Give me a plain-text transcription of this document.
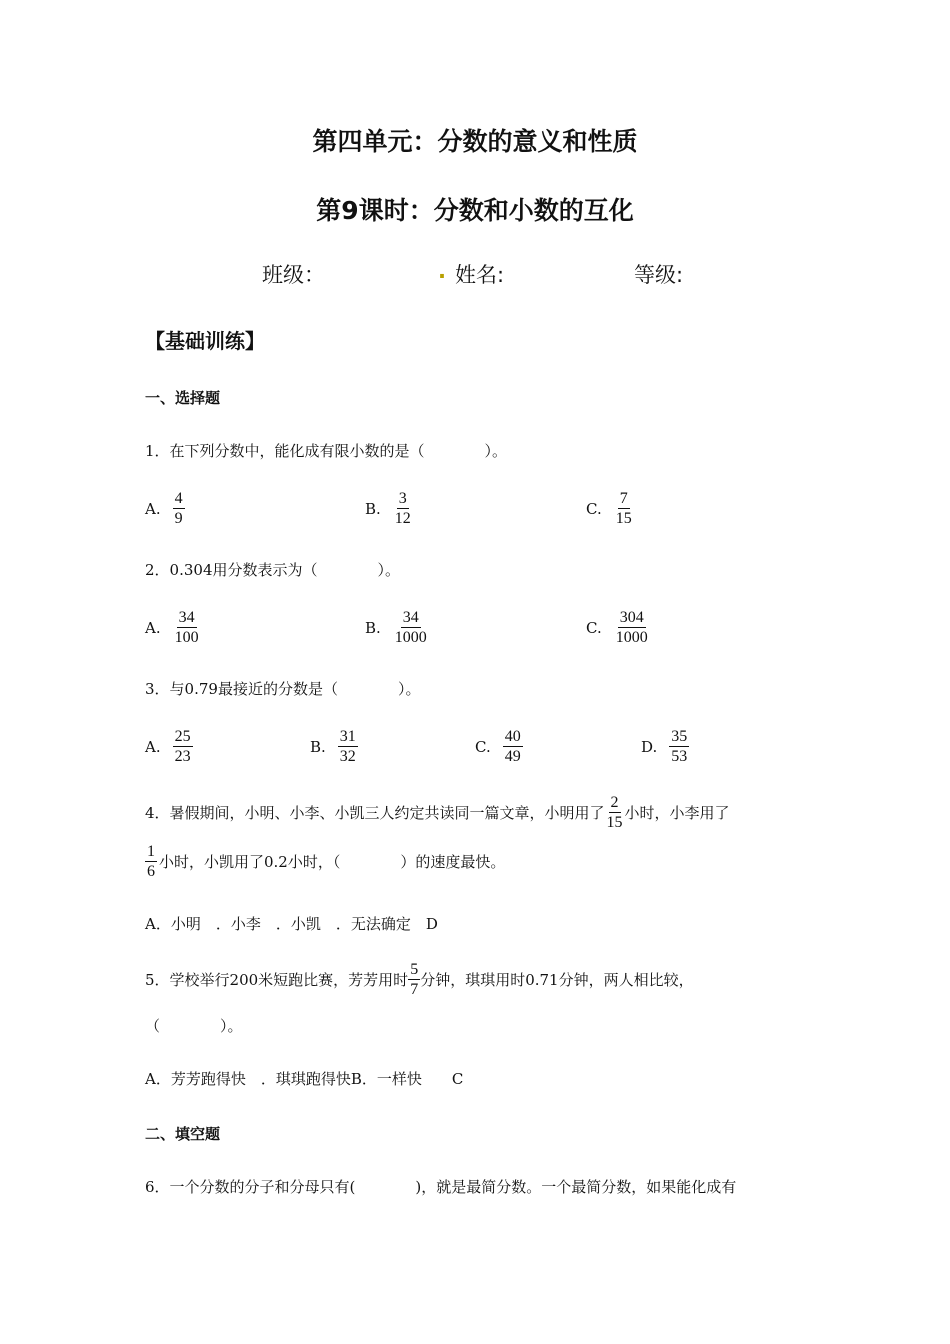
第四单元：分数的意义和性质
第9课时：分数和小数的互化
班级：	. 姓名:	等级:
【基础训练】
一、选择题
1．在下列分数中，能化成有限小数的是（　　　　）。
A. $\frac{4}{9}$	B. $\frac{3}{12}$	C. $\frac{7}{15}$
2．0.304用分数表示为（　　　　）。
A. $\frac{34}{100}$	B. $\frac{34}{1000}$	C. $\frac{304}{1000}$
3．与0.79最接近的分数是（　　　　）。
A. $\frac{25}{23}$	B. $\frac{31}{32}$	C. $\frac{40}{49}$	D. $\frac{35}{53}$
4．暑假期间，小明、小李、小凯三人约定共读同一篇文章，小明用了 $\frac{2}{15}$ 小时，小李用了
$\frac{1}{6}$ 小时，小凯用了0.2小时，（　　　　）的速度最快。
A．小明　．小李　．小凯　．无法确定　D
5．学校举行200米短跑比赛，芳芳用时 $\frac{5}{7}$ 分钟，琪琪用时0.71分钟，两人相比较，
（　　　　）。
A．芳芳跑得快　．琪琪跑得快B．一样快　　C
二、填空题
6．一个分数的分子和分母只有(　　　　)，就是最简分数。一个最简分数，如果能化成有
